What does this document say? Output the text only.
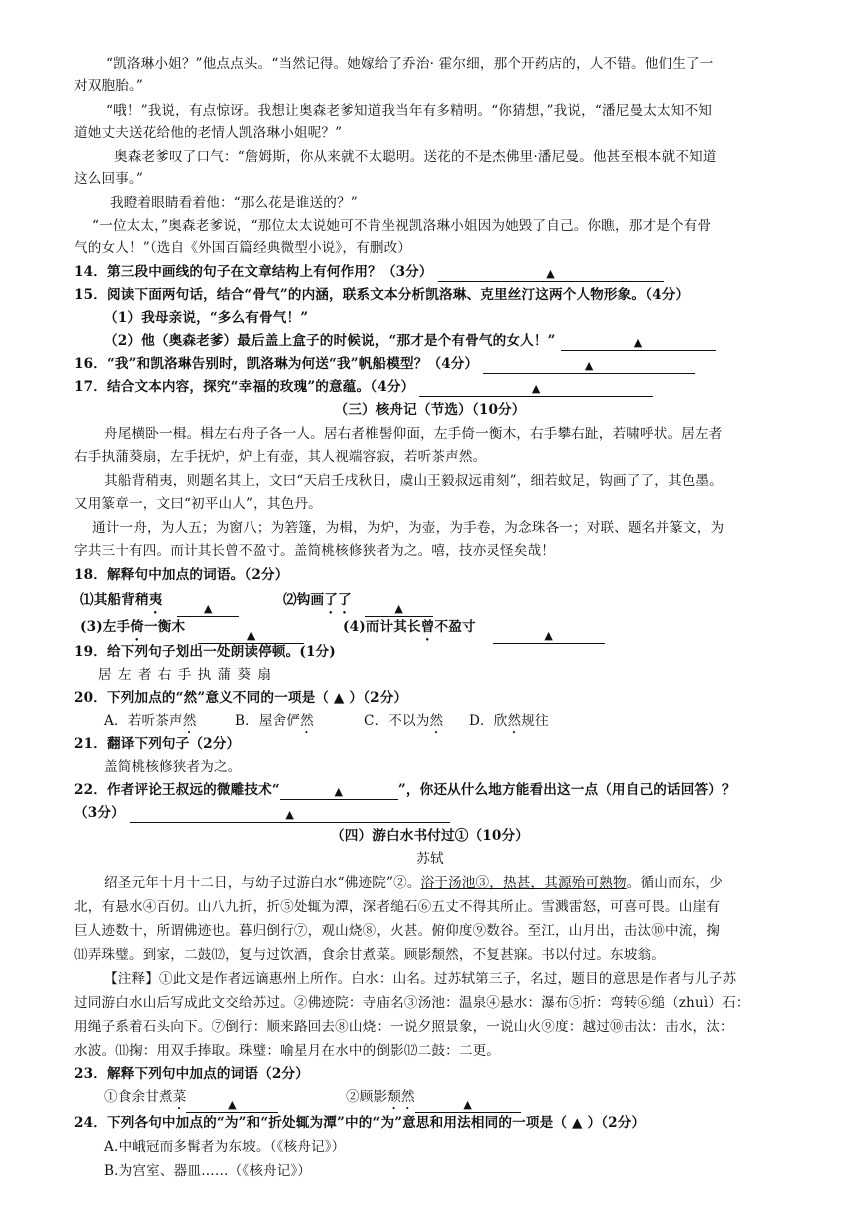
“凯洛琳小姐？”他点点头。“当然记得。她嫁给了乔治· 霍尔细，那个开药店的，人不错。他们生了一
对双胞胎。”
“哦！”我说，有点惊讶。我想让奥森老爹知道我当年有多精明。“你猜想，”我说，“潘尼曼太太知不知
道她丈夫送花给他的老情人凯洛琳小姐呢？”
奥森老爹叹了口气：“詹姆斯，你从来就不太聪明。送花的不是杰佛里·潘尼曼。他甚至根本就不知道
这么回事。”
我瞪着眼睛看着他：“那么花是谁送的？”
“一位太太，”奥森老爹说，“那位太太说她可不肯坐视凯洛琳小姐因为她毁了自己。你瞧，那才是个有骨
气的女人！”（选自《外国百篇经典微型小说》，有删改）
14．第三段中画线的句子在文章结构上有何作用？（3分）	▲
15．阅读下面两句话，结合“骨气”的内涵，联系文本分析凯洛琳、克里丝汀这两个人物形象。（4分）
（1）我母亲说，“多么有骨气！”
（2）他（奥森老爹）最后盖上盒子的时候说，“那才是个有骨气的女人！”	▲
16．“我”和凯洛琳告别时，凯洛琳为何送“我”帆船模型？（4分）	▲
17．结合文本内容，探究“幸福的玫瑰”的意蕴。（4分）	▲
（三）核舟记（节选）（10分）
舟尾横卧一楫。楫左右舟子各一人。居右者椎髻仰面，左手倚一衡木，右手攀右趾，若啸呼状。居左者
右手执蒲葵扇，左手抚炉，炉上有壶，其人视端容寂，若听茶声然。
其船背稍夷，则题名其上，文曰“天启壬戌秋日，虞山王毅叔远甫刻”，细若蚊足，钩画了了，其色墨。
又用篆章一，文曰“初平山人”，其色丹。
通计一舟，为人五；为窗八；为箬篷，为楫，为炉，为壶，为手卷，为念珠各一；对联、题名并篆文，为
字共三十有四。而计其长曾不盈寸。盖简桃核修狭者为之。嘻，技亦灵怪矣哉！
18．解释句中加点的词语。（2分）
⑴其船背稍夷 ▲
⑵钩画了了 ▲
(3)左手倚一衡木 ▲
(4)而计其长曾不盈寸 ▲
19．给下列句子划出一处朗读停顿。(1分)
居 左 者 右 手 执 蒲 葵 扇
20．下列加点的“然”意义不同的一项是（ ▲ ）（2分）
A．若听茶声然	B．屋舍俨然	C．不以为然 D．欣然规往
21．翻译下列句子（2分）
盖简桃核修狭者为之。
22．作者评论王叔远的微雕技术“	▲	”，你还从什么地方能看出这一点（用自己的话回答）？
（3分）	▲
（四）游白水书付过①（10分）
苏轼
绍圣元年十月十二日，与幼子过游白水“佛迹院”②。浴于汤池③，热甚，其源殆可熟物。循山而东，少
北，有悬水④百仞。山八九折，折⑤处辄为潭，深者缒石⑥五丈不得其所止。雪溅雷怒，可喜可畏。山崖有
巨人迹数十，所谓佛迹也。暮归倒行⑦，观山烧⑧，火甚。俯仰度⑨数谷。至江，山月出，击汰⑩中流，掬
⑾弄珠璧。到家，二鼓⑿，复与过饮酒，食余甘煮菜。顾影颓然，不复甚寐。书以付过。东坡翁。
【注释】①此文是作者远谪惠州上所作。白水：山名。过苏轼第三子，名过，题目的意思是作者与儿子苏
过同游白水山后写成此文交给苏过。②佛迹院：寺庙名③汤池：温泉④悬水：瀑布⑤折：弯转⑥缒（zhuì）石：
用绳子系着石头向下。⑦倒行：顺来路回去⑧山烧：一说夕照景象，一说山火⑨度：越过⑩击汰：击水，汰：
水波。⑾掬：用双手捧取。珠璧：喻星月在水中的倒影⑿二鼓：二更。
23．解释下列句中加点的词语（2分）
①食余甘煮菜	▲	②顾影颓然	▲
24．下列各句中加点的“为”和“折处辄为潭”中的“为”意思和用法相同的一项是（ ▲ ）（2分）
A.中峨冠而多髯者为东坡。（《核舟记》）
B.为宫室、器皿……（《核舟记》）
